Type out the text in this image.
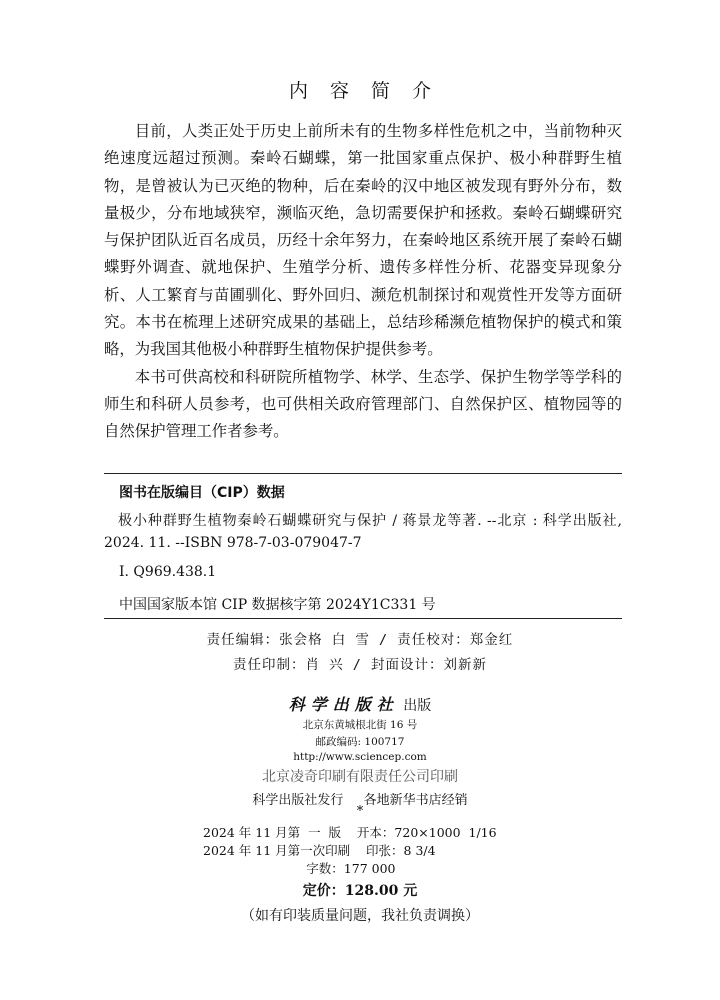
内 容 简 介

目前，人类正处于历史上前所未有的生物多样性危机之中，当前物种灭绝速度远超过预测。秦岭石蝴蝶，第一批国家重点保护、极小种群野生植物，是曾被认为已灭绝的物种，后在秦岭的汉中地区被发现有野外分布，数量极少，分布地域狭窄，濒临灭绝，急切需要保护和拯救。秦岭石蝴蝶研究与保护团队近百名成员，历经十余年努力，在秦岭地区系统开展了秦岭石蝴蝶野外调查、就地保护、生殖学分析、遗传多样性分析、花器变异现象分析、人工繁育与苗圃驯化、野外回归、濒危机制探讨和观赏性开发等方面研究。本书在梳理上述研究成果的基础上，总结珍稀濒危植物保护的模式和策略，为我国其他极小种群野生植物保护提供参考。

本书可供高校和科研院所植物学、林学、生态学、保护生物学等学科的师生和科研人员参考，也可供相关政府管理部门、自然保护区、植物园等的自然保护管理工作者参考。

图书在版编目（CIP）数据
极小种群野生植物秦岭石蝴蝶研究与保护 / 蒋景龙等著. --北京 : 科学出版社, 2024. 11. --ISBN 978-7-03-079047-7
Ⅰ. Q969.438.1
中国国家版本馆 CIP 数据核字第 2024Y1C331 号
责任编辑：张会格 白 雪 / 责任校对：郑金红
责任印制：肖 兴 / 封面设计：刘新新
科学出版社 出版
北京东黄城根北街 16 号
邮政编码: 100717
http://www.sciencep.com
北京凌奇印刷有限责任公司印刷
科学出版社发行 各地新华书店经销
*
2024 年 11 月第  一  版    开本：720×1000  1/16
2024 年 11 月第一次印刷    印张：8 3/4
字数：177 000
定价：128.00 元
（如有印装质量问题，我社负责调换）
